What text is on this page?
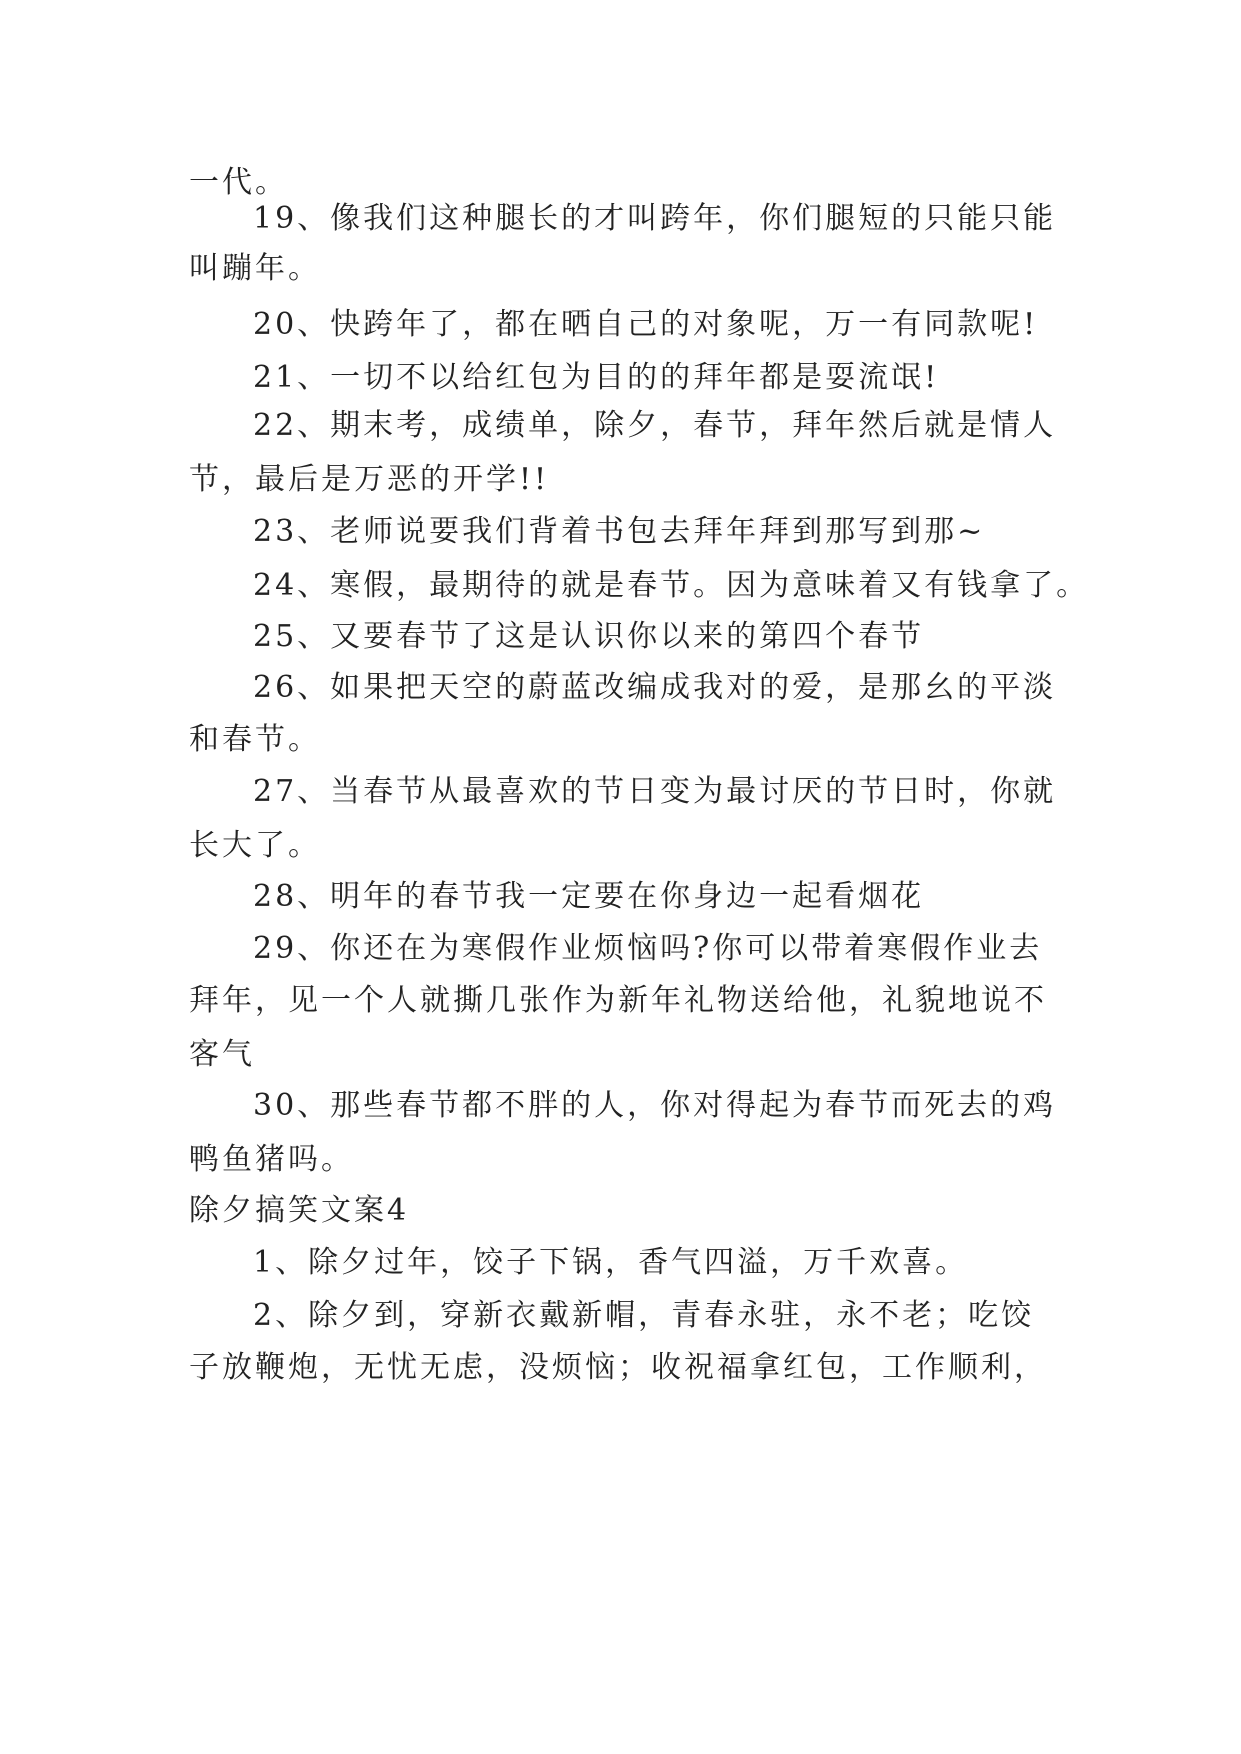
一代。

19、像我们这种腿长的才叫跨年，你们腿短的只能只能

叫蹦年。

20、快跨年了，都在晒自己的对象呢，万一有同款呢!

21、一切不以给红包为目的的拜年都是耍流氓!

22、期末考，成绩单，除夕，春节，拜年然后就是情人

节，最后是万恶的开学!!

23、老师说要我们背着书包去拜年拜到那写到那~

24、寒假，最期待的就是春节。因为意味着又有钱拿了。

25、又要春节了这是认识你以来的第四个春节

26、如果把天空的蔚蓝改编成我对的爱，是那幺的平淡

和春节。

27、当春节从最喜欢的节日变为最讨厌的节日时，你就

长大了。

28、明年的春节我一定要在你身边一起看烟花

29、你还在为寒假作业烦恼吗?你可以带着寒假作业去

拜年，见一个人就撕几张作为新年礼物送给他，礼貌地说不

客气

30、那些春节都不胖的人，你对得起为春节而死去的鸡

鸭鱼猪吗。

除夕搞笑文案4

1、除夕过年，饺子下锅，香气四溢，万千欢喜。

2、除夕到，穿新衣戴新帽，青春永驻，永不老；吃饺

子放鞭炮，无忧无虑，没烦恼；收祝福拿红包，工作顺利，
